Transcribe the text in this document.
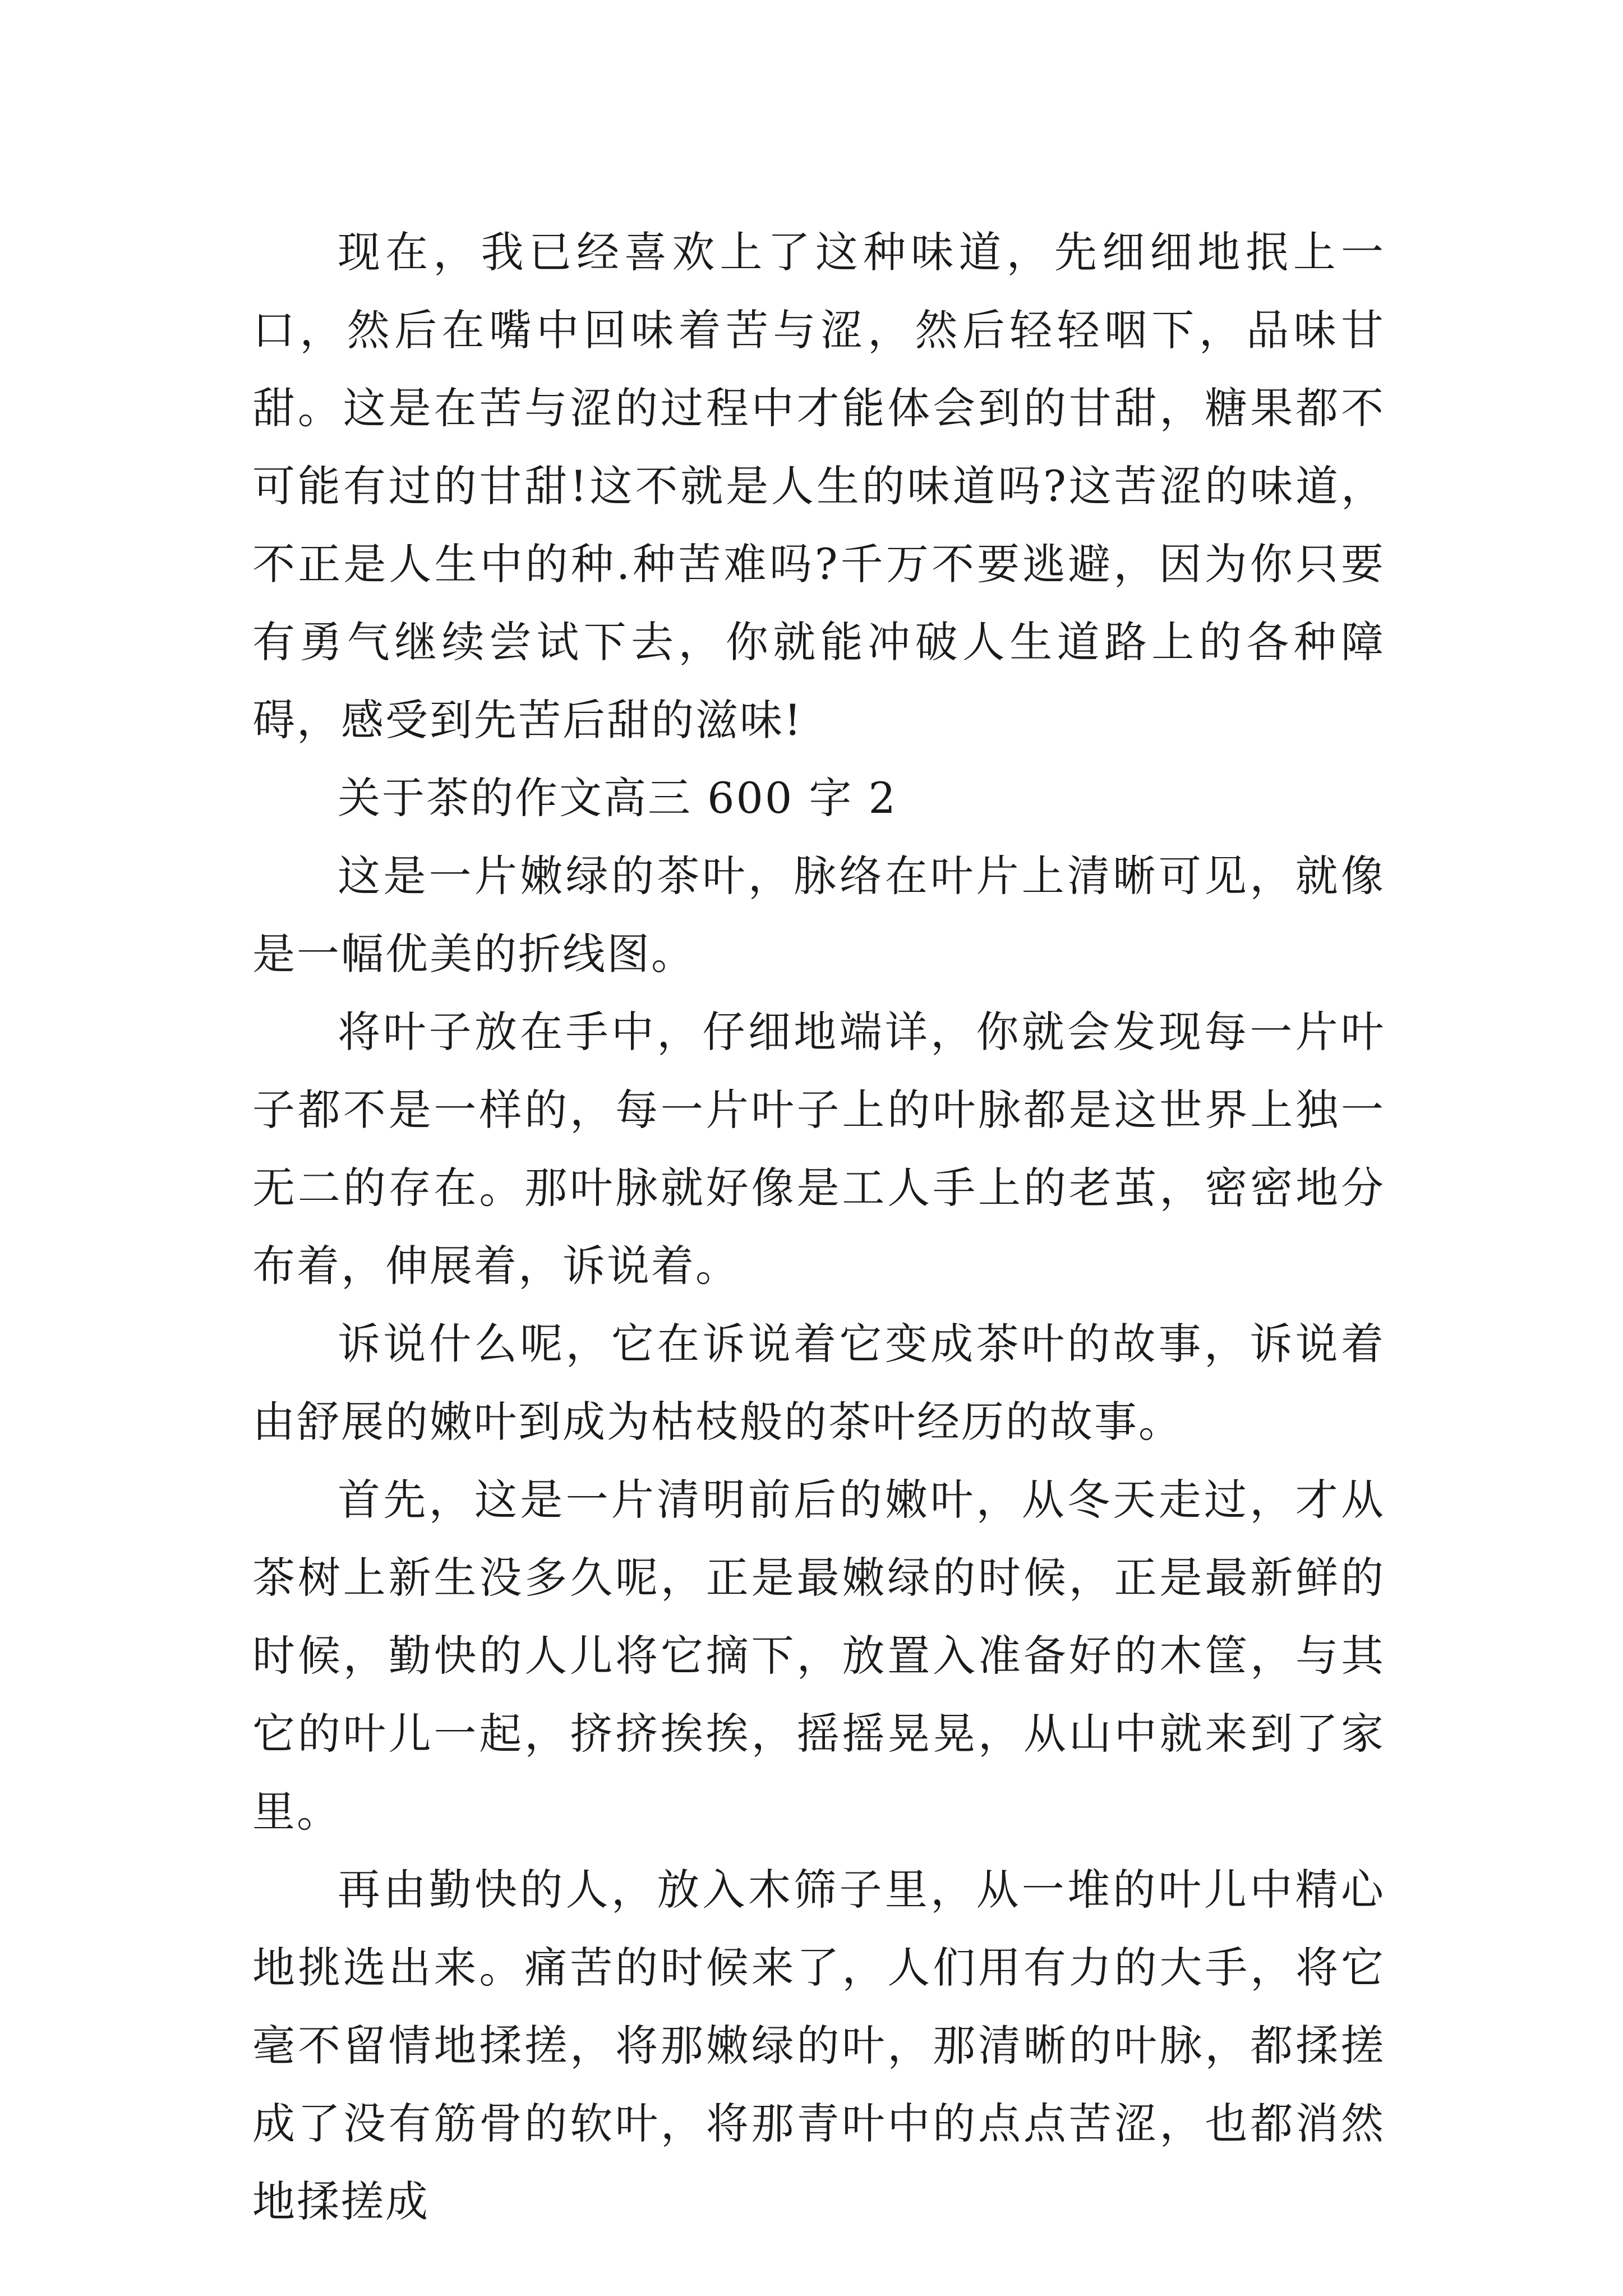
现在，我已经喜欢上了这种味道，先细细地抿上一口，然后在嘴中回味着苦与涩，然后轻轻咽下，品味甘甜。这是在苦与涩的过程中才能体会到的甘甜，糖果都不可能有过的甘甜!这不就是人生的味道吗?这苦涩的味道，不正是人生中的种.种苦难吗?千万不要逃避，因为你只要有勇气继续尝试下去，你就能冲破人生道路上的各种障碍，感受到先苦后甜的滋味!

关于茶的作文高三 600 字 2

这是一片嫩绿的茶叶，脉络在叶片上清晰可见，就像是一幅优美的折线图。

将叶子放在手中，仔细地端详，你就会发现每一片叶子都不是一样的，每一片叶子上的叶脉都是这世界上独一无二的存在。那叶脉就好像是工人手上的老茧，密密地分布着，伸展着，诉说着。

诉说什么呢，它在诉说着它变成茶叶的故事，诉说着由舒展的嫩叶到成为枯枝般的茶叶经历的故事。

首先，这是一片清明前后的嫩叶，从冬天走过，才从茶树上新生没多久呢，正是最嫩绿的时候，正是最新鲜的时候，勤快的人儿将它摘下，放置入准备好的木筐，与其它的叶儿一起，挤挤挨挨，摇摇晃晃，从山中就来到了家里。

再由勤快的人，放入木筛子里，从一堆的叶儿中精心地挑选出来。痛苦的时候来了，人们用有力的大手，将它毫不留情地揉搓，将那嫩绿的叶，那清晰的叶脉，都揉搓成了没有筋骨的软叶，将那青叶中的点点苦涩，也都消然地揉搓成
